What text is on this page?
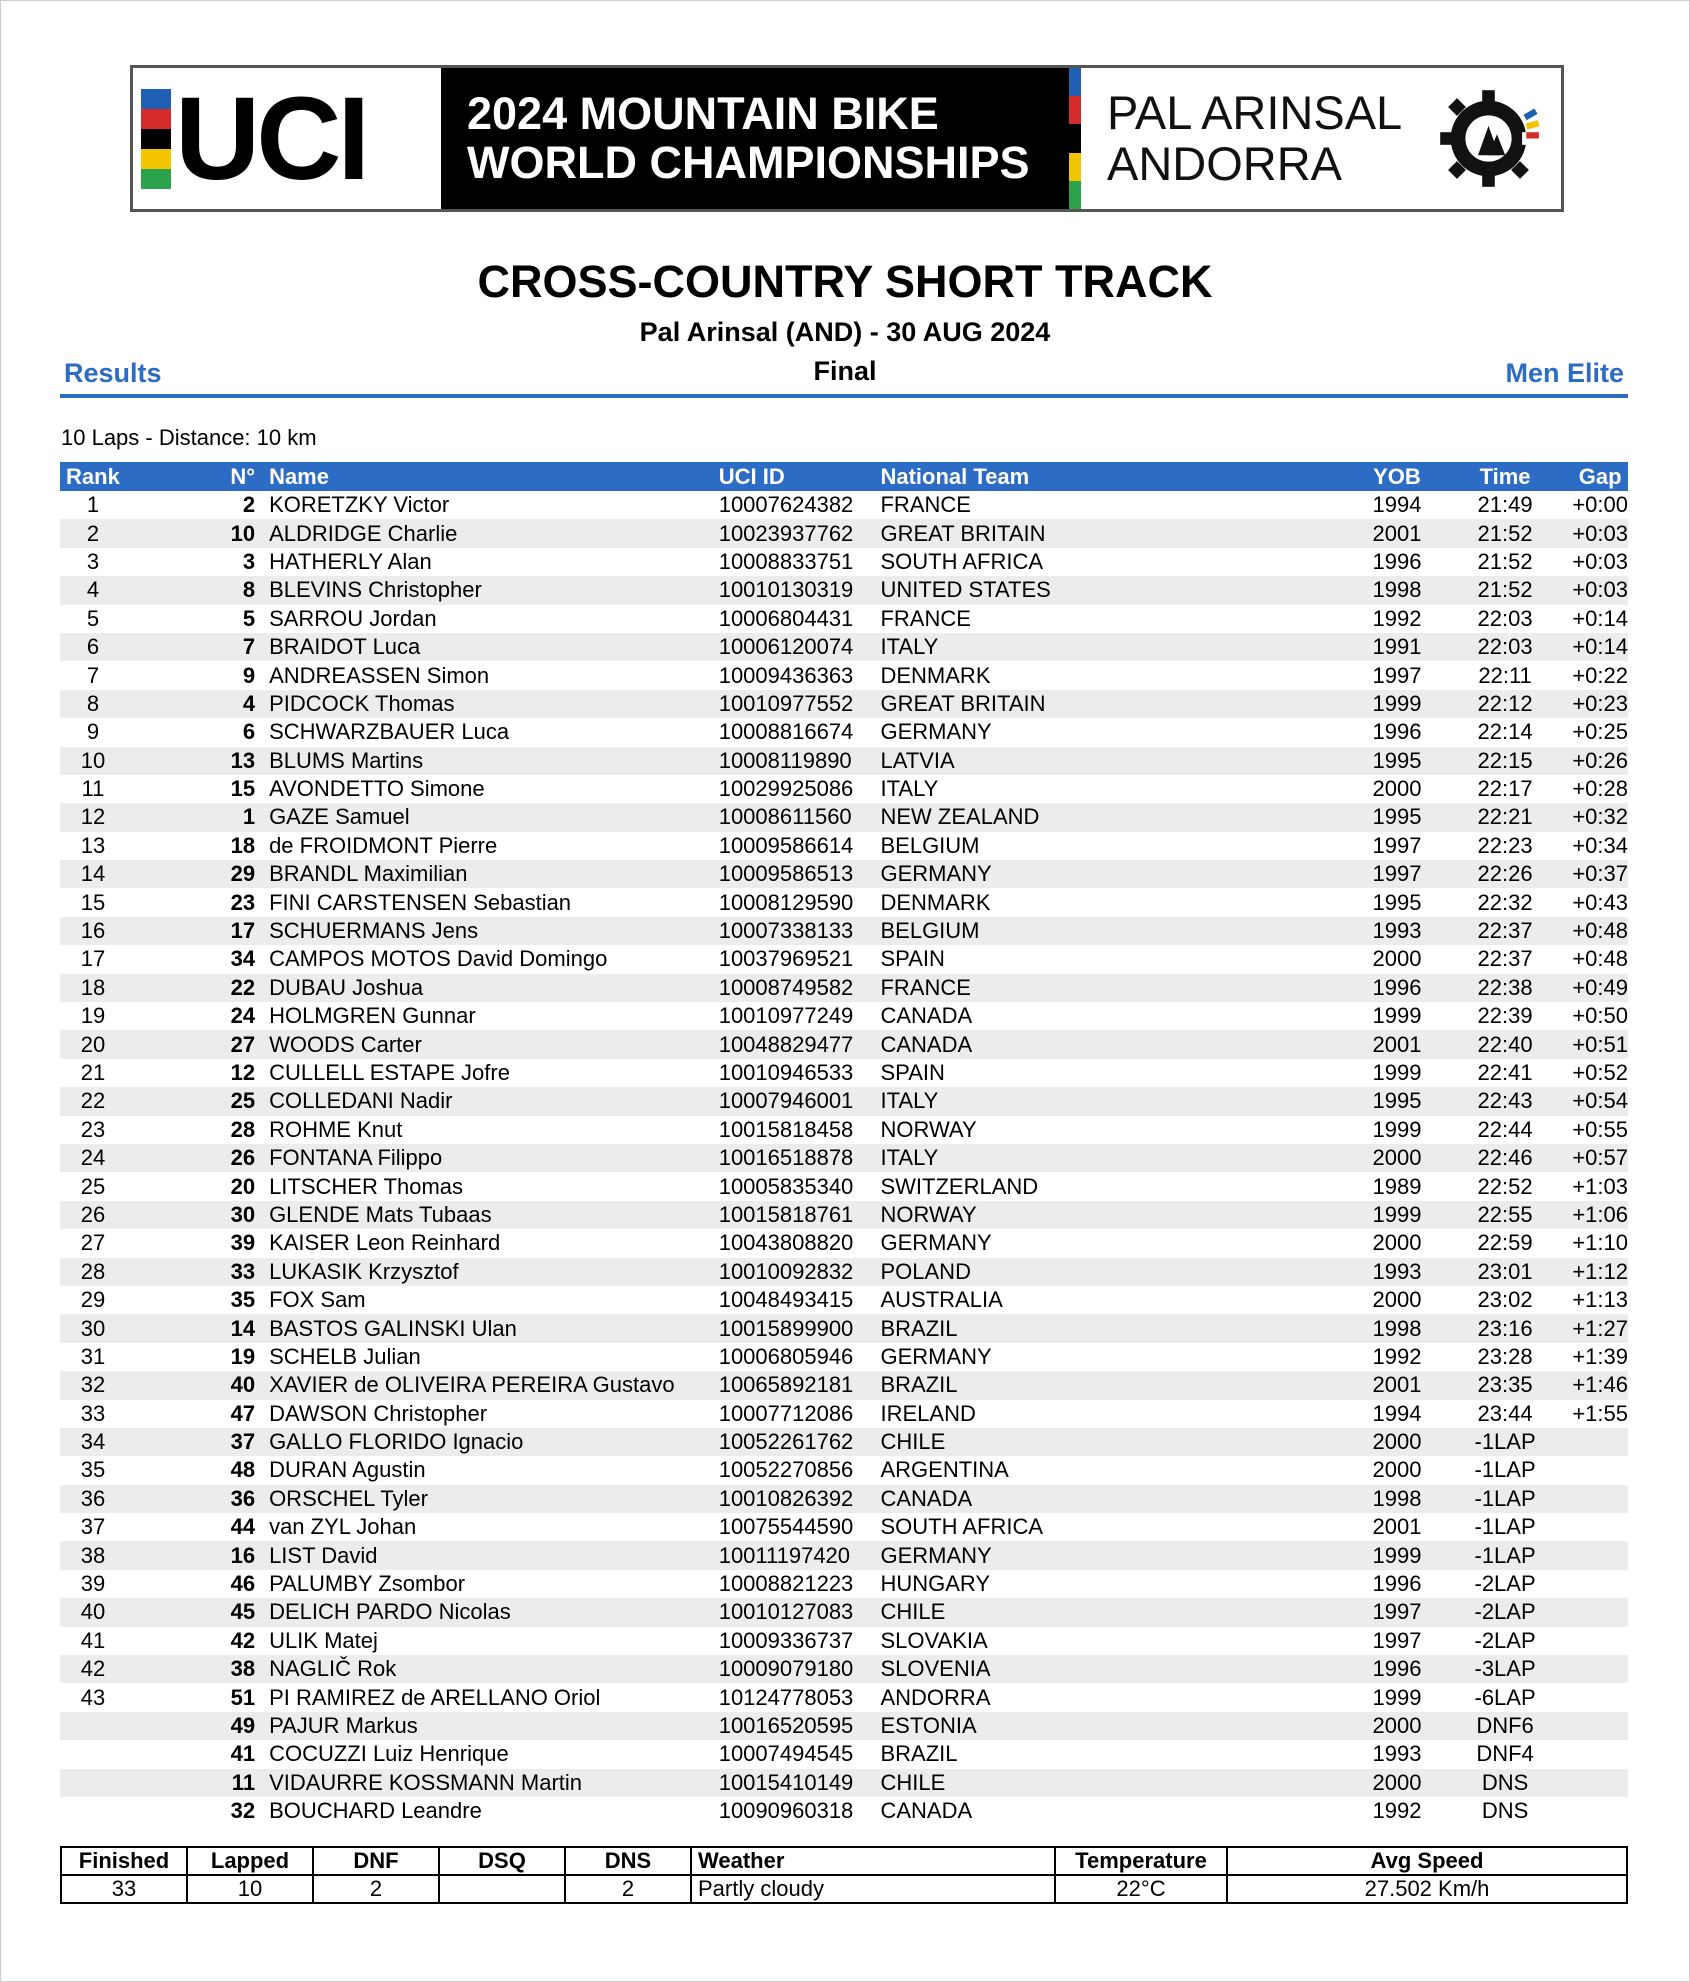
UCI 2024 MOUNTAIN BIKE
WORLD CHAMPIONSHIPS
PAL ARINSAL
ANDORRA
CROSS-COUNTRY SHORT TRACK
Pal Arinsal (AND) - 30 AUG 2024
Results	Final	Men Elite
10 Laps - Distance: 10 km
Rank	N°	Name	UCI ID	National Team	YOB	Time	Gap
1	2	KORETZKY Victor	10007624382	FRANCE	1994	21:49	+0:00
2	10	ALDRIDGE Charlie	10023937762	GREAT BRITAIN	2001	21:52	+0:03
3	3	HATHERLY Alan	10008833751	SOUTH AFRICA	1996	21:52	+0:03
4	8	BLEVINS Christopher	10010130319	UNITED STATES	1998	21:52	+0:03
5	5	SARROU Jordan	10006804431	FRANCE	1992	22:03	+0:14
6	7	BRAIDOT Luca	10006120074	ITALY	1991	22:03	+0:14
7	9	ANDREASSEN Simon	10009436363	DENMARK	1997	22:11	+0:22
8	4	PIDCOCK Thomas	10010977552	GREAT BRITAIN	1999	22:12	+0:23
9	6	SCHWARZBAUER Luca	10008816674	GERMANY	1996	22:14	+0:25
10	13	BLUMS Martins	10008119890	LATVIA	1995	22:15	+0:26
11	15	AVONDETTO Simone	10029925086	ITALY	2000	22:17	+0:28
12	1	GAZE Samuel	10008611560	NEW ZEALAND	1995	22:21	+0:32
13	18	de FROIDMONT Pierre	10009586614	BELGIUM	1997	22:23	+0:34
14	29	BRANDL Maximilian	10009586513	GERMANY	1997	22:26	+0:37
15	23	FINI CARSTENSEN Sebastian	10008129590	DENMARK	1995	22:32	+0:43
16	17	SCHUERMANS Jens	10007338133	BELGIUM	1993	22:37	+0:48
17	34	CAMPOS MOTOS David Domingo	10037969521	SPAIN	2000	22:37	+0:48
18	22	DUBAU Joshua	10008749582	FRANCE	1996	22:38	+0:49
19	24	HOLMGREN Gunnar	10010977249	CANADA	1999	22:39	+0:50
20	27	WOODS Carter	10048829477	CANADA	2001	22:40	+0:51
21	12	CULLELL ESTAPE Jofre	10010946533	SPAIN	1999	22:41	+0:52
22	25	COLLEDANI Nadir	10007946001	ITALY	1995	22:43	+0:54
23	28	ROHME Knut	10015818458	NORWAY	1999	22:44	+0:55
24	26	FONTANA Filippo	10016518878	ITALY	2000	22:46	+0:57
25	20	LITSCHER Thomas	10005835340	SWITZERLAND	1989	22:52	+1:03
26	30	GLENDE Mats Tubaas	10015818761	NORWAY	1999	22:55	+1:06
27	39	KAISER Leon Reinhard	10043808820	GERMANY	2000	22:59	+1:10
28	33	LUKASIK Krzysztof	10010092832	POLAND	1993	23:01	+1:12
29	35	FOX Sam	10048493415	AUSTRALIA	2000	23:02	+1:13
30	14	BASTOS GALINSKI Ulan	10015899900	BRAZIL	1998	23:16	+1:27
31	19	SCHELB Julian	10006805946	GERMANY	1992	23:28	+1:39
32	40	XAVIER de OLIVEIRA PEREIRA Gustavo	10065892181	BRAZIL	2001	23:35	+1:46
33	47	DAWSON Christopher	10007712086	IRELAND	1994	23:44	+1:55
34	37	GALLO FLORIDO Ignacio	10052261762	CHILE	2000	-1LAP	
35	48	DURAN Agustin	10052270856	ARGENTINA	2000	-1LAP	
36	36	ORSCHEL Tyler	10010826392	CANADA	1998	-1LAP	
37	44	van ZYL Johan	10075544590	SOUTH AFRICA	2001	-1LAP	
38	16	LIST David	10011197420	GERMANY	1999	-1LAP	
39	46	PALUMBY Zsombor	10008821223	HUNGARY	1996	-2LAP	
40	45	DELICH PARDO Nicolas	10010127083	CHILE	1997	-2LAP	
41	42	ULIK Matej	10009336737	SLOVAKIA	1997	-2LAP	
42	38	NAGLIČ Rok	10009079180	SLOVENIA	1996	-3LAP	
43	51	PI RAMIREZ de ARELLANO Oriol	10124778053	ANDORRA	1999	-6LAP	
	49	PAJUR Markus	10016520595	ESTONIA	2000	DNF6	
	41	COCUZZI Luiz Henrique	10007494545	BRAZIL	1993	DNF4	
	11	VIDAURRE KOSSMANN Martin	10015410149	CHILE	2000	DNS	
	32	BOUCHARD Leandre	10090960318	CANADA	1992	DNS	
Finished	Lapped	DNF	DSQ	DNS	Weather	Temperature	Avg Speed
33	10	2		2	Partly cloudy	22°C	27.502 Km/h
